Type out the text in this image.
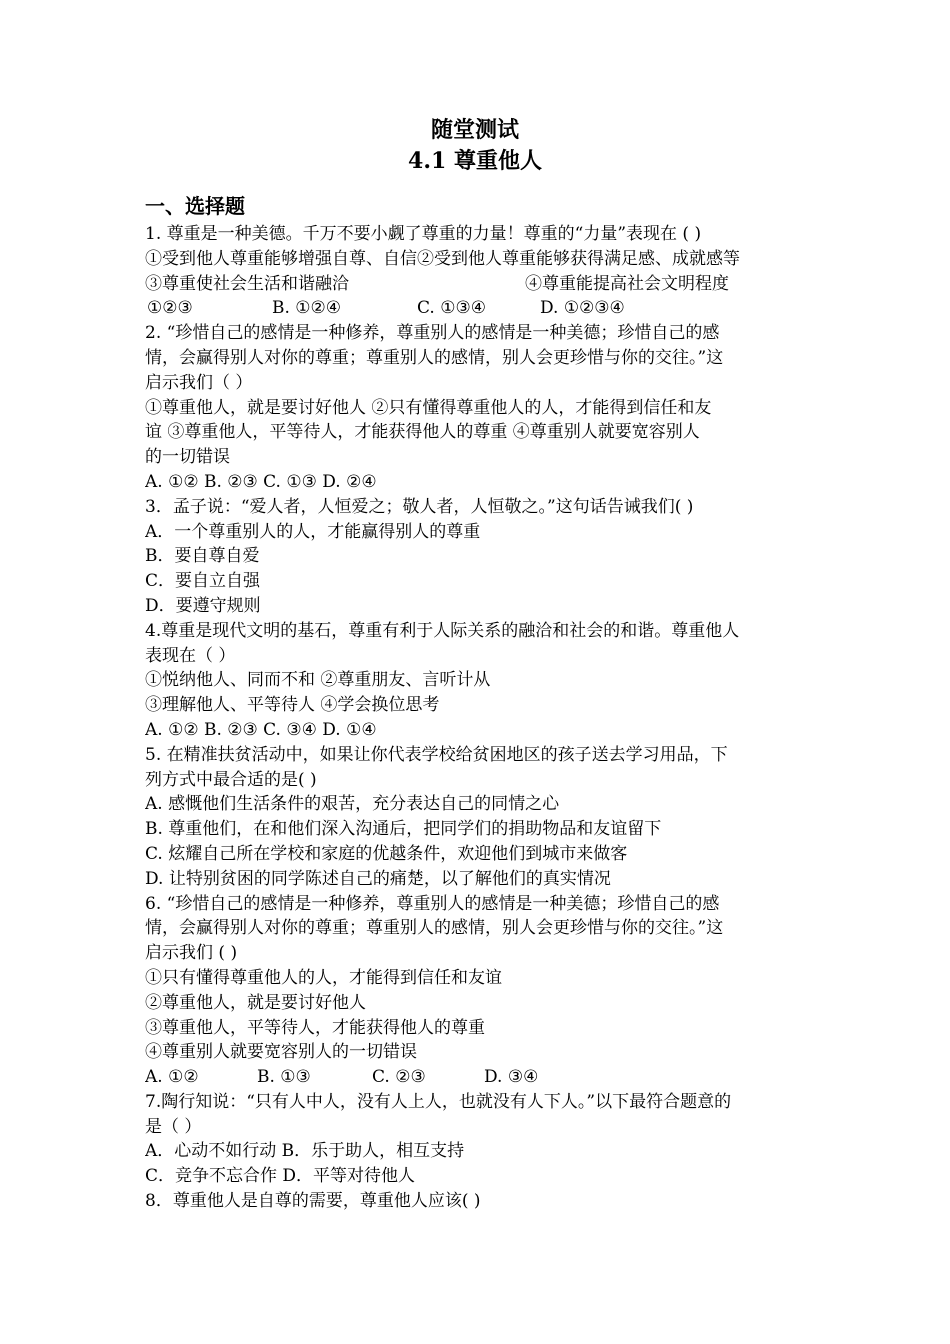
随堂测试
4.1 尊重他人
一、选择题
1. 尊重是一种美德。千万不要小觑了尊重的力量！尊重的“力量”表现在 ( )
①受到他人尊重能够增强自尊、自信②受到他人尊重能够获得满足感、成就感等
③尊重使社会生活和谐融洽	④尊重能提高社会文明程度
①②③	B. ①②④	C. ①③④	D. ①②③④
2. “珍惜自己的感情是一种修养，尊重别人的感情是一种美德；珍惜自己的感
情，会赢得别人对你的尊重；尊重别人的感情，别人会更珍惜与你的交往。”这
启示我们（ ）
①尊重他人，就是要讨好他人 ②只有懂得尊重他人的人，才能得到信任和友
谊 ③尊重他人，平等待人，才能获得他人的尊重 ④尊重别人就要宽容别人
的一切错误
A. ①② B. ②③ C. ①③ D. ②④
3．孟子说：“爱人者，人恒爱之；敬人者，人恒敬之。”这句话告诫我们( )
A．一个尊重别人的人，才能赢得别人的尊重
B．要自尊自爱
C．要自立自强
D．要遵守规则
4.尊重是现代文明的基石，尊重有利于人际关系的融洽和社会的和谐。尊重他人
表现在（ ）
①悦纳他人、同而不和 ②尊重朋友、言听计从
③理解他人、平等待人 ④学会换位思考
A. ①② B. ②③ C. ③④ D. ①④
5. 在精准扶贫活动中，如果让你代表学校给贫困地区的孩子送去学习用品，下
列方式中最合适的是( )
A. 感慨他们生活条件的艰苦，充分表达自己的同情之心
B. 尊重他们，在和他们深入沟通后，把同学们的捐助物品和友谊留下
C. 炫耀自己所在学校和家庭的优越条件，欢迎他们到城市来做客
D. 让特别贫困的同学陈述自己的痛楚，以了解他们的真实情况
6. “珍惜自己的感情是一种修养，尊重别人的感情是一种美德；珍惜自己的感
情，会赢得别人对你的尊重；尊重别人的感情，别人会更珍惜与你的交往。”这
启示我们 ( )
①只有懂得尊重他人的人，才能得到信任和友谊
②尊重他人，就是要讨好他人
③尊重他人，平等待人，才能获得他人的尊重
④尊重别人就要宽容别人的一切错误
A. ①②	B. ①③	C. ②③	D. ③④
7.陶行知说：“只有人中人，没有人上人，也就没有人下人。”以下最符合题意的
是（ ）
A．心动不如行动 B．乐于助人，相互支持
C．竞争不忘合作 D．平等对待他人
8．尊重他人是自尊的需要，尊重他人应该( )
